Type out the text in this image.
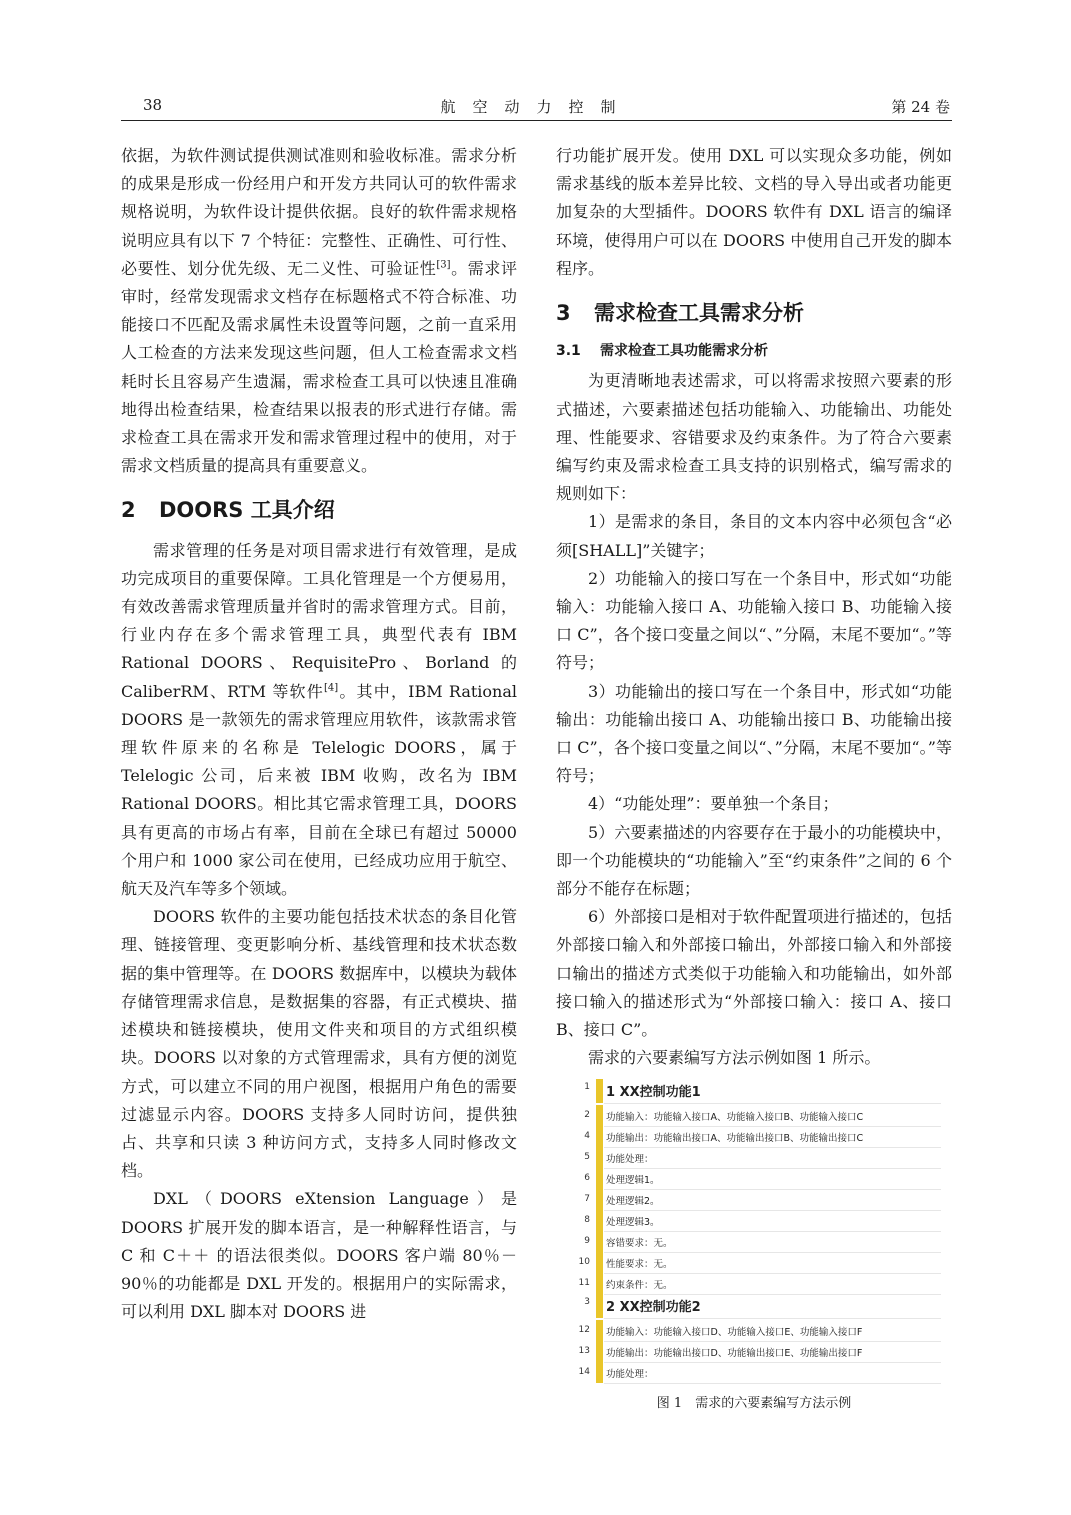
38	航空动力控制	第 24 卷

依据，为软件测试提供测试准则和验收标准。需求分析的成果是形成一份经用户和开发方共同认可的软件需求规格说明，为软件设计提供依据。良好的软件需求规格说明应具有以下 7 个特征：完整性、正确性、可行性、必要性、划分优先级、无二义性、可验证性[3]。需求评审时，经常发现需求文档存在标题格式不符合标准、功能接口不匹配及需求属性未设置等问题，之前一直采用人工检查的方法来发现这些问题，但人工检查需求文档耗时长且容易产生遗漏，需求检查工具可以快速且准确地得出检查结果，检查结果以报表的形式进行存储。需求检查工具在需求开发和需求管理过程中的使用，对于需求文档质量的提高具有重要意义。

2 DOORS 工具介绍

需求管理的任务是对项目需求进行有效管理，是成功完成项目的重要保障。工具化管理是一个方便易用，有效改善需求管理质量并省时的需求管理方式。目前，行业内存在多个需求管理工具，典型代表有 IBM Rational DOORS、RequisitePro、Borland 的 CaliberRM、RTM 等软件[4]。其中，IBM Rational DOORS 是一款领先的需求管理应用软件，该款需求管理软件原来的名称是 Telelogic DOORS，属于 Telelogic 公司，后来被 IBM 收购，改名为 IBM Rational DOORS。相比其它需求管理工具，DOORS 具有更高的市场占有率，目前在全球已有超过 50000 个用户和 1000 家公司在使用，已经成功应用于航空、航天及汽车等多个领域。

DOORS 软件的主要功能包括技术状态的条目化管理、链接管理、变更影响分析、基线管理和技术状态数据的集中管理等。在 DOORS 数据库中，以模块为载体存储管理需求信息，是数据集的容器，有正式模块、描述模块和链接模块，使用文件夹和项目的方式组织模块。DOORS 以对象的方式管理需求，具有方便的浏览方式，可以建立不同的用户视图，根据用户角色的需要过滤显示内容。DOORS 支持多人同时访问，提供独占、共享和只读 3 种访问方式，支持多人同时修改文档。

DXL（DOORS eXtension Language）是 DOORS 扩展开发的脚本语言，是一种解释性语言，与 C 和 C＋＋ 的语法很类似。DOORS 客户端 80％－90％的功能都是 DXL 开发的。根据用户的实际需求，可以利用 DXL 脚本对 DOORS 进

行功能扩展开发。使用 DXL 可以实现众多功能，例如需求基线的版本差异比较、文档的导入导出或者功能更加复杂的大型插件。DOORS 软件有 DXL 语言的编译环境，使得用户可以在 DOORS 中使用自己开发的脚本程序。

3 需求检查工具需求分析
3.1 需求检查工具功能需求分析

为更清晰地表述需求，可以将需求按照六要素的形式描述，六要素描述包括功能输入、功能输出、功能处理、性能要求、容错要求及约束条件。为了符合六要素编写约束及需求检查工具支持的识别格式，编写需求的规则如下：

1）是需求的条目，条目的文本内容中必须包含“必须[SHALL]”关键字；

2）功能输入的接口写在一个条目中，形式如“功能输入：功能输入接口 A、功能输入接口 B、功能输入接口 C”，各个接口变量之间以“、”分隔，末尾不要加“。”等符号；

3）功能输出的接口写在一个条目中，形式如“功能输出：功能输出接口 A、功能输出接口 B、功能输出接口 C”，各个接口变量之间以“、”分隔，末尾不要加“。”等符号；

4）“功能处理”：要单独一个条目；

5）六要素描述的内容要存在于最小的功能模块中，即一个功能模块的“功能输入”至“约束条件”之间的 6 个部分不能存在标题；

6）外部接口是相对于软件配置项进行描述的，包括外部接口输入和外部接口输出，外部接口输入和外部接口输出的描述方式类似于功能输入和功能输出，如外部接口输入的描述形式为“外部接口输入：接口 A、接口 B、接口 C”。

需求的六要素编写方法示例如图 1 所示。

1 1 XX控制功能1
2 功能输入：功能输入接口A、功能输入接口B、功能输入接口C
4 功能输出：功能输出接口A、功能输出接口B、功能输出接口C
5 功能处理：
6 处理逻辑1。
7 处理逻辑2。
8 处理逻辑3。
9 容错要求：无。
10 性能要求：无。
11 约束条件：无。
3 2 XX控制功能2
12 功能输入：功能输入接口D、功能输入接口E、功能输入接口F
13 功能输出：功能输出接口D、功能输出接口E、功能输出接口F
14 功能处理：
图 1　需求的六要素编写方法示例
